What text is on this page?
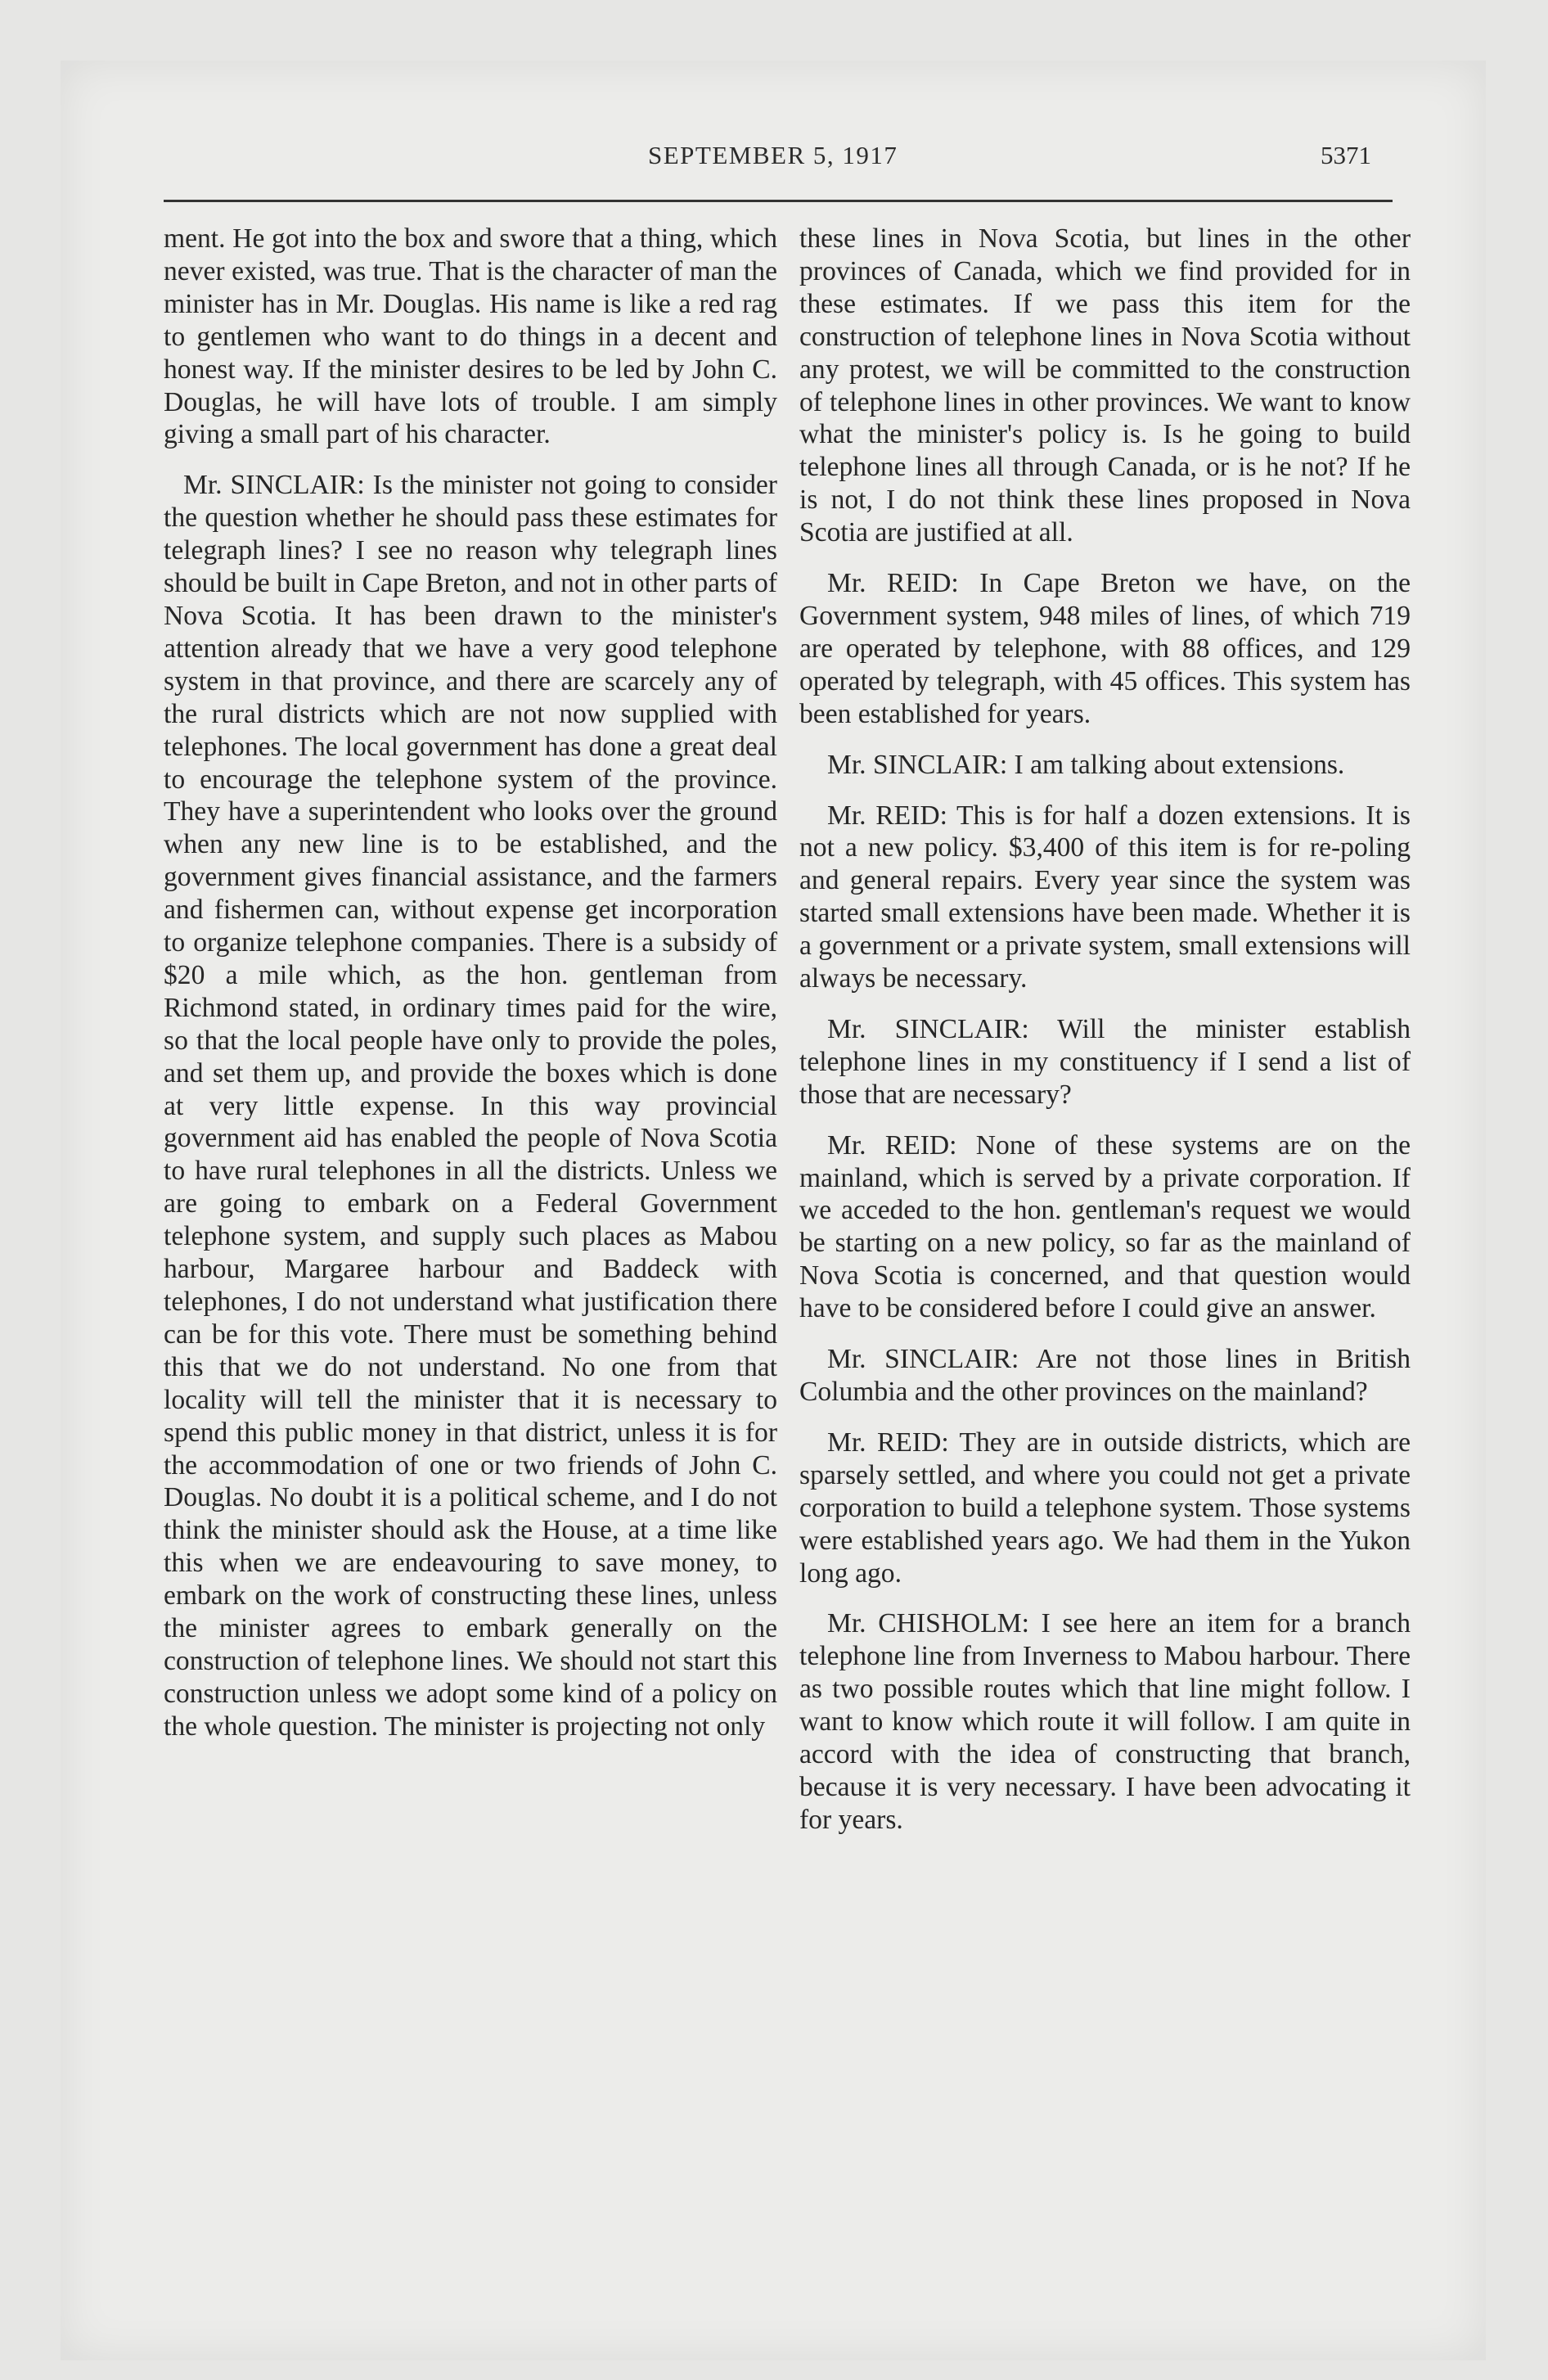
SEPTEMBER 5, 1917	5371

ment. He got into the box and swore that a thing, which never existed, was true. That is the character of man the minister has in Mr. Douglas. His name is like a red rag to gentlemen who want to do things in a decent and honest way. If the minister desires to be led by John C. Douglas, he will have lots of trouble. I am simply giving a small part of his character.

Mr. SINCLAIR: Is the minister not going to consider the question whether he should pass these estimates for telegraph lines? I see no reason why telegraph lines should be built in Cape Breton, and not in other parts of Nova Scotia. It has been drawn to the minister's attention already that we have a very good telephone system in that province, and there are scarcely any of the rural districts which are not now supplied with telephones. The local government has done a great deal to encourage the telephone system of the province. They have a superintendent who looks over the ground when any new line is to be established, and the government gives financial assistance, and the farmers and fishermen can, without expense get incorporation to organize telephone companies. There is a subsidy of $20 a mile which, as the hon. gentleman from Richmond stated, in ordinary times paid for the wire, so that the local people have only to provide the poles, and set them up, and provide the boxes which is done at very little expense. In this way provincial government aid has enabled the people of Nova Scotia to have rural telephones in all the districts. Unless we are going to embark on a Federal Government telephone system, and supply such places as Mabou harbour, Margaree harbour and Baddeck with telephones, I do not understand what justification there can be for this vote. There must be something behind this that we do not understand. No one from that locality will tell the minister that it is necessary to spend this public money in that district, unless it is for the accommodation of one or two friends of John C. Douglas. No doubt it is a political scheme, and I do not think the minister should ask the House, at a time like this when we are endeavouring to save money, to embark on the work of constructing these lines, unless the minister agrees to embark generally on the construction of telephone lines. We should not start this construction unless we adopt some kind of a policy on the whole question. The minister is projecting not only

these lines in Nova Scotia, but lines in the other provinces of Canada, which we find provided for in these estimates. If we pass this item for the construction of telephone lines in Nova Scotia without any protest, we will be committed to the construction of telephone lines in other provinces. We want to know what the minister's policy is. Is he going to build telephone lines all through Canada, or is he not? If he is not, I do not think these lines proposed in Nova Scotia are justified at all.

Mr. REID: In Cape Breton we have, on the Government system, 948 miles of lines, of which 719 are operated by telephone, with 88 offices, and 129 operated by telegraph, with 45 offices. This system has been established for years.

Mr. SINCLAIR: I am talking about extensions.

Mr. REID: This is for half a dozen extensions. It is not a new policy. $3,400 of this item is for re-poling and general repairs. Every year since the system was started small extensions have been made. Whether it is a government or a private system, small extensions will always be necessary.

Mr. SINCLAIR: Will the minister establish telephone lines in my constituency if I send a list of those that are necessary?

Mr. REID: None of these systems are on the mainland, which is served by a private corporation. If we acceded to the hon. gentleman's request we would be starting on a new policy, so far as the mainland of Nova Scotia is concerned, and that question would have to be considered before I could give an answer.

Mr. SINCLAIR: Are not those lines in British Columbia and the other provinces on the mainland?

Mr. REID: They are in outside districts, which are sparsely settled, and where you could not get a private corporation to build a telephone system. Those systems were established years ago. We had them in the Yukon long ago.

Mr. CHISHOLM: I see here an item for a branch telephone line from Inverness to Mabou harbour. There as two possible routes which that line might follow. I want to know which route it will follow. I am quite in accord with the idea of constructing that branch, because it is very necessary. I have been advocating it for years.
